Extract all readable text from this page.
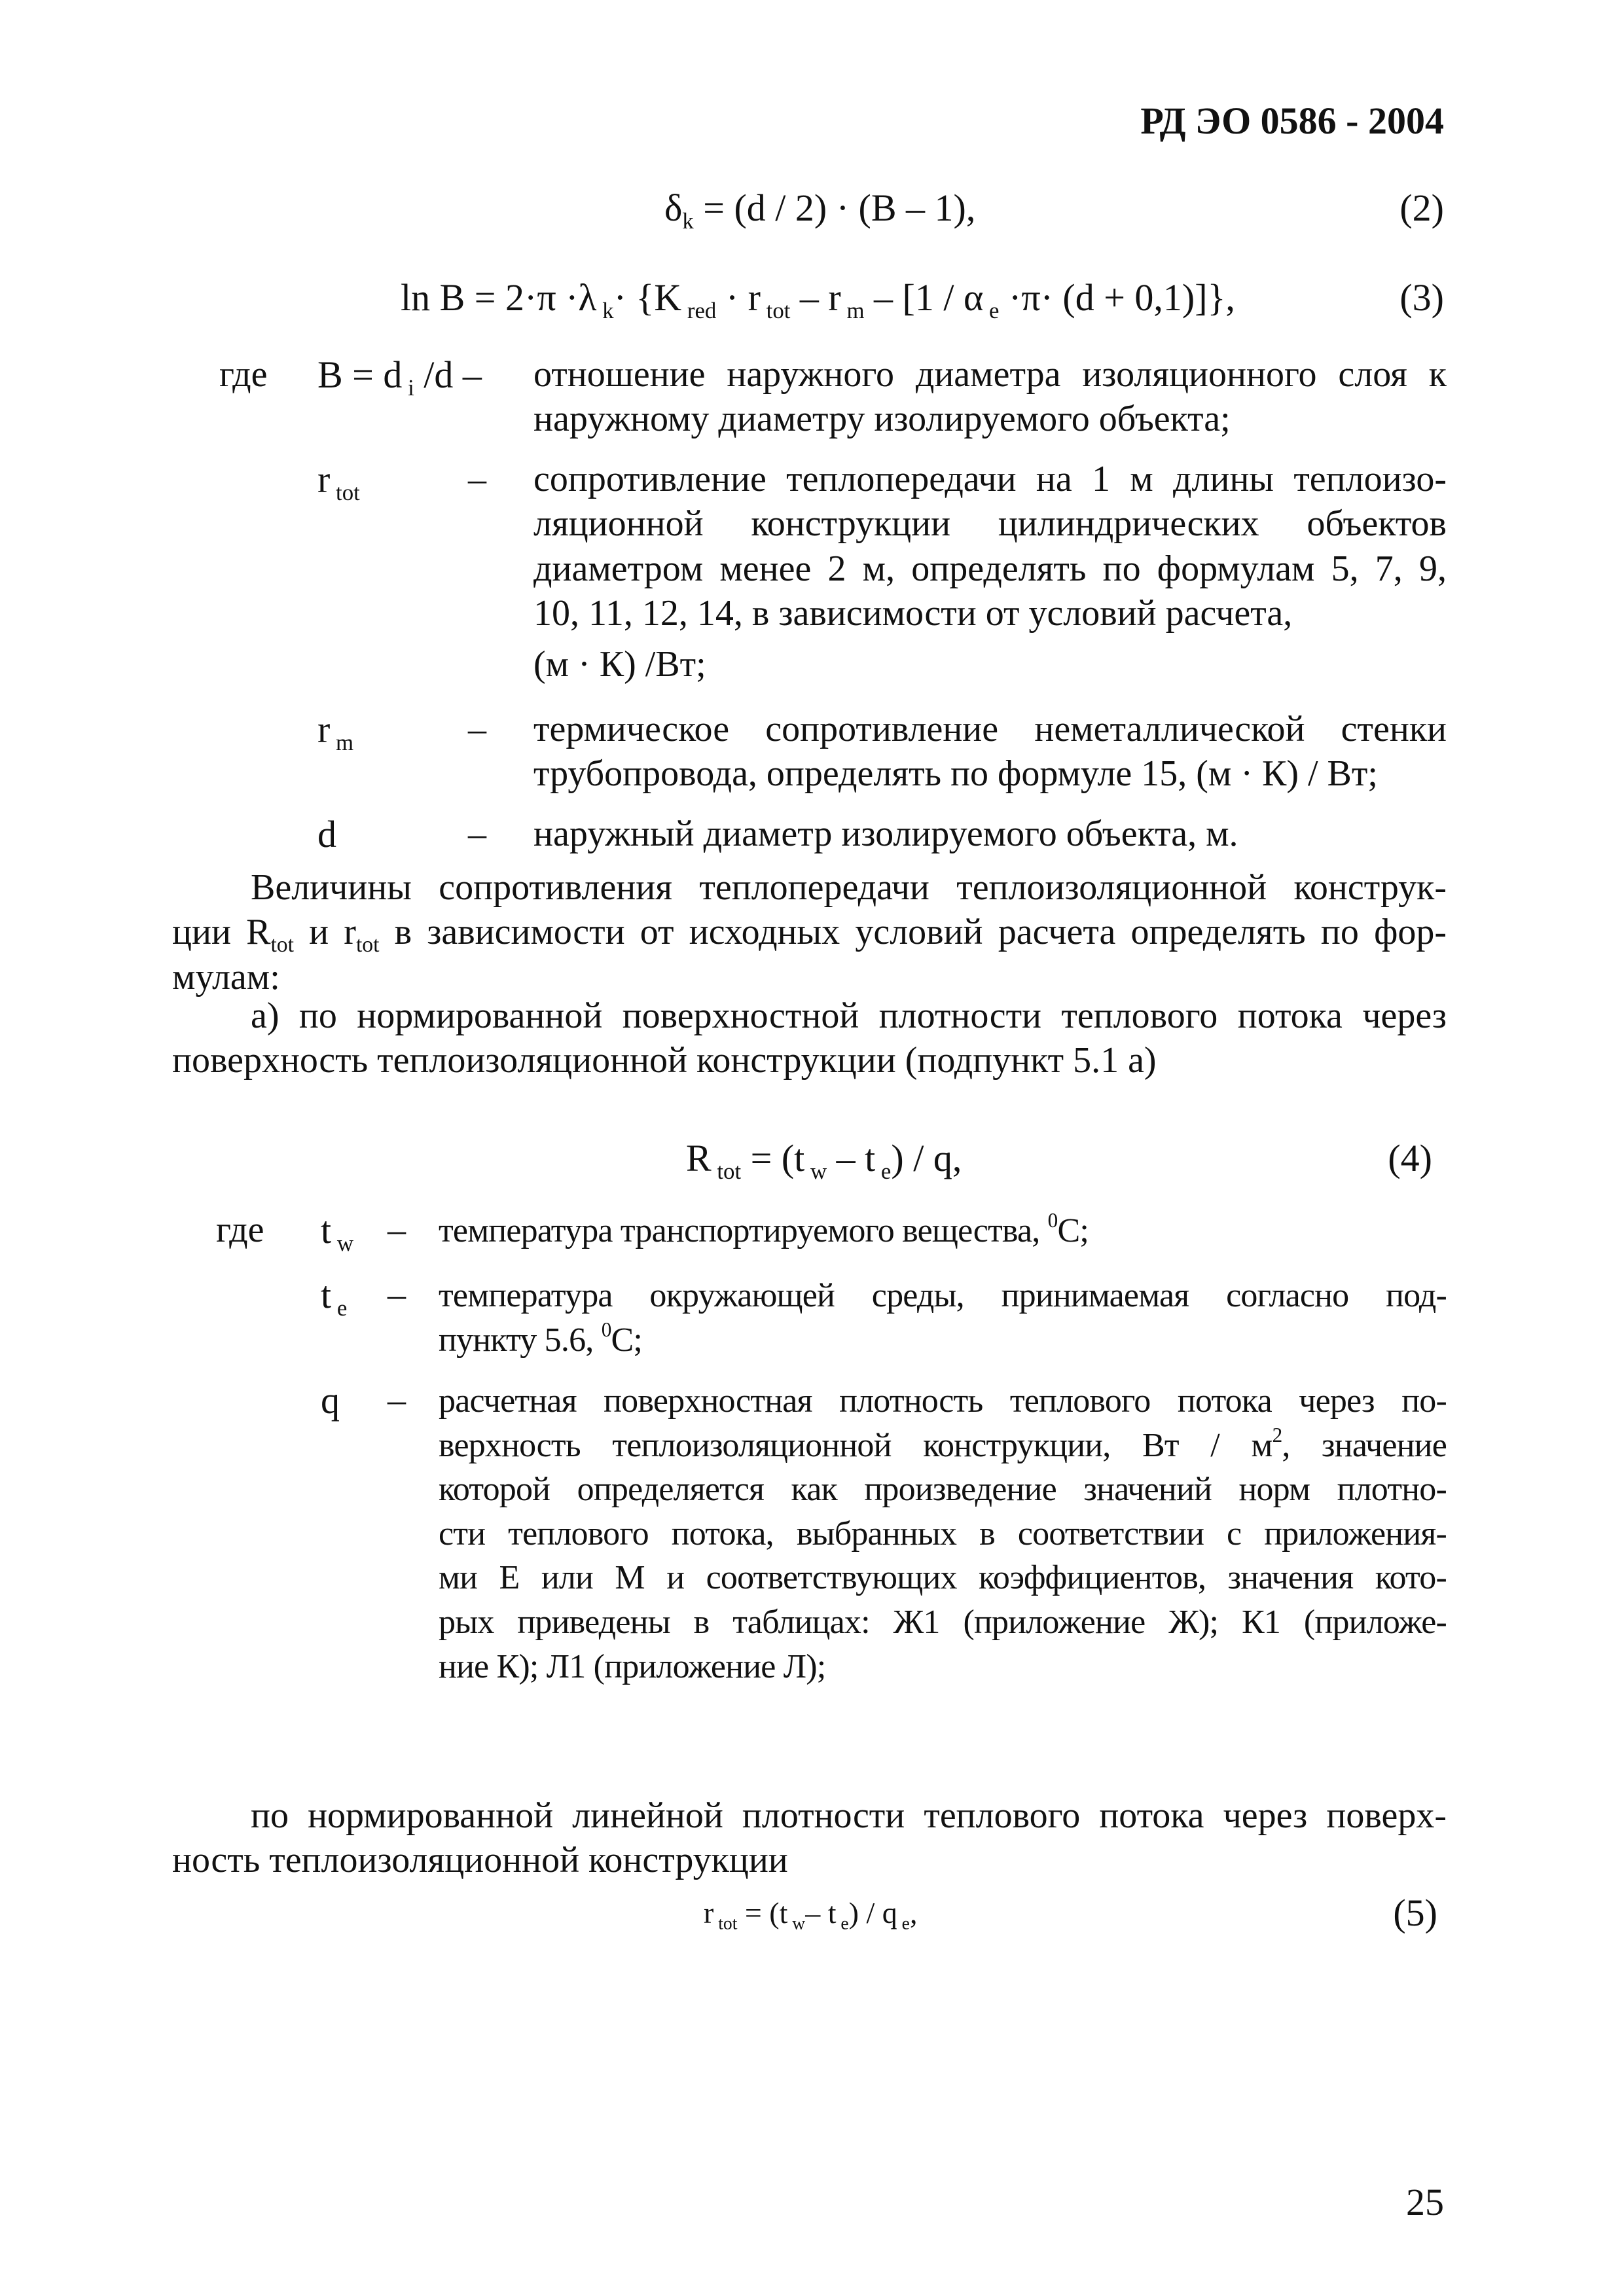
РД ЭО 0586 - 2004
$\delta_k = (d / 2) \cdot (B - 1)$,	(2)
ln B = 2·π ·λ $_k$· {K $_{red}$ · r $_{tot}$ – r $_m$ – [1 / α $_e$ ·π· (d + 0,1)]},	(3)
где B = d $_i$ /d – отношение наружного диаметра изоляционного слоя к
наружному диаметру изолируемого объекта;
r $_{tot}$	– сопротивление теплопередачи на 1 м длины теплоизо-
ляционной конструкции цилиндрических объектов
диаметром менее 2 м, определять по формулам 5, 7, 9,
10, 11, 12, 14, в зависимости от условий расчета,
(м · К) /Вт;
r $_m$	– термическое сопротивление неметаллической стенки
трубопровода, определять по формуле 15, (м · К) / Вт;
d	– наружный диаметр изолируемого объекта, м.
Величины сопротивления теплопередачи теплоизоляционной конструк-
ции $R_{tot}$ и $r_{tot}$ в зависимости от исходных условий расчета определять по фор-
мулам:
а) по нормированной поверхностной плотности теплового потока через
поверхность теплоизоляционной конструкции (подпункт 5.1 а)
R $_{tot}$ = (t $_w$ – t $_e$) / q,	(4)
где t $_w$ – температура транспортируемого вещества, $^0$С;
t $_e$ – температура окружающей среды, принимаемая согласно под-
пункту 5.6, $^0$С;
q – расчетная поверхностная плотность теплового потока через по-
верхность теплоизоляционной конструкции, Вт / $м^2$, значение
которой определяется как произведение значений норм плотно-
сти теплового потока, выбранных в соответствии с приложения-
ми Е или М и соответствующих коэффициентов, значения кото-
рых приведены в таблицах: Ж1 (приложение Ж); К1 (приложе-
ние К); Л1 (приложение Л);
по нормированной линейной плотности теплового потока через поверх-
ность теплоизоляционной конструкции
r $_{tot}$ = (t $_w$– t $_e$) / q $_e$,	(5)
25
